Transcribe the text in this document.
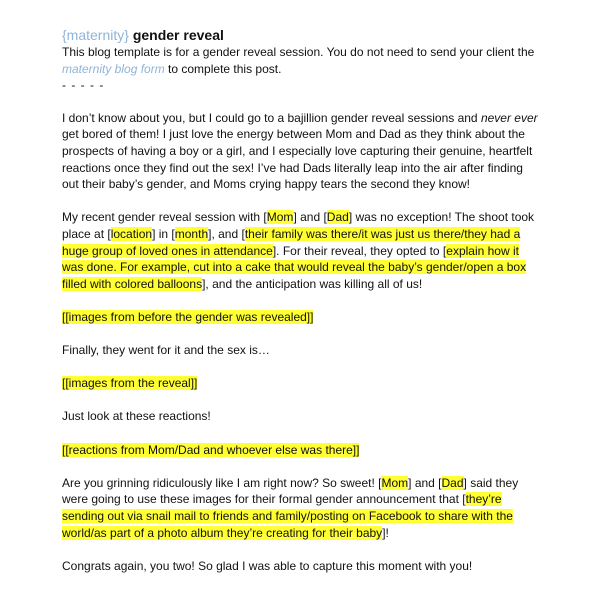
{maternity} gender reveal

This blog template is for a gender reveal session. You do not need to send your client the maternity blog form to complete this post.

- - - - -

I don’t know about you, but I could go to a bajillion gender reveal sessions and never ever get bored of them! I just love the energy between Mom and Dad as they think about the prospects of having a boy or a girl, and I especially love capturing their genuine, heartfelt reactions once they find out the sex! I’ve had Dads literally leap into the air after finding out their baby’s gender, and Moms crying happy tears the second they know!

My recent gender reveal session with [Mom] and [Dad] was no exception! The shoot took place at [location] in [month], and [their family was there/it was just us there/they had a huge group of loved ones in attendance]. For their reveal, they opted to [explain how it was done. For example, cut into a cake that would reveal the baby’s gender/open a box filled with colored balloons], and the anticipation was killing all of us!

[[images from before the gender was revealed]]

Finally, they went for it and the sex is…

[[images from the reveal]]

Just look at these reactions!

[[reactions from Mom/Dad and whoever else was there]]

Are you grinning ridiculously like I am right now? So sweet! [Mom] and [Dad] said they were going to use these images for their formal gender announcement that [they’re sending out via snail mail to friends and family/posting on Facebook to share with the world/as part of a photo album they’re creating for their baby]!

Congrats again, you two! So glad I was able to capture this moment with you!
